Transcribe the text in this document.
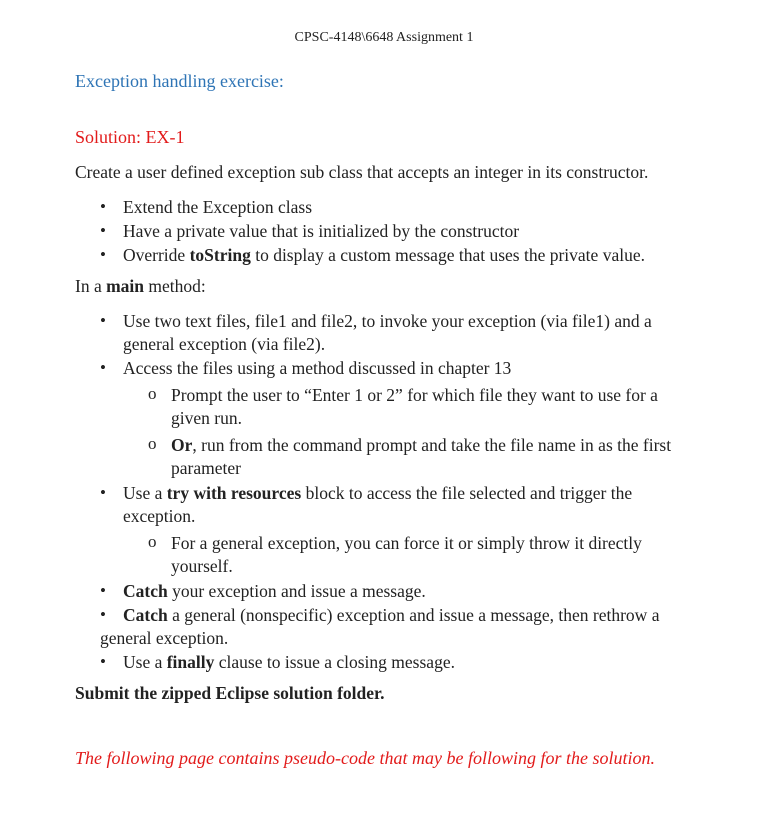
CPSC-4148\6648 Assignment 1
Exception handling exercise:
Solution: EX-1
Create a user defined exception sub class that accepts an integer in its constructor.
• Extend the Exception class
• Have a private value that is initialized by the constructor
• Override toString to display a custom message that uses the private value.
In a main method:
• Use two text files, file1 and file2, to invoke your exception (via file1) and a
general exception (via file2).
• Access the files using a method discussed in chapter 13
o Prompt the user to “Enter 1 or 2” for which file they want to use for a
given run.
o Or, run from the command prompt and take the file name in as the first
parameter
• Use a try with resources block to access the file selected and trigger the
exception.
o For a general exception, you can force it or simply throw it directly
yourself.
• Catch your exception and issue a message.
• Catch a general (nonspecific) exception and issue a message, then rethrow a
general exception.
• Use a finally clause to issue a closing message.
Submit the zipped Eclipse solution folder.
The following page contains pseudo-code that may be following for the solution.
